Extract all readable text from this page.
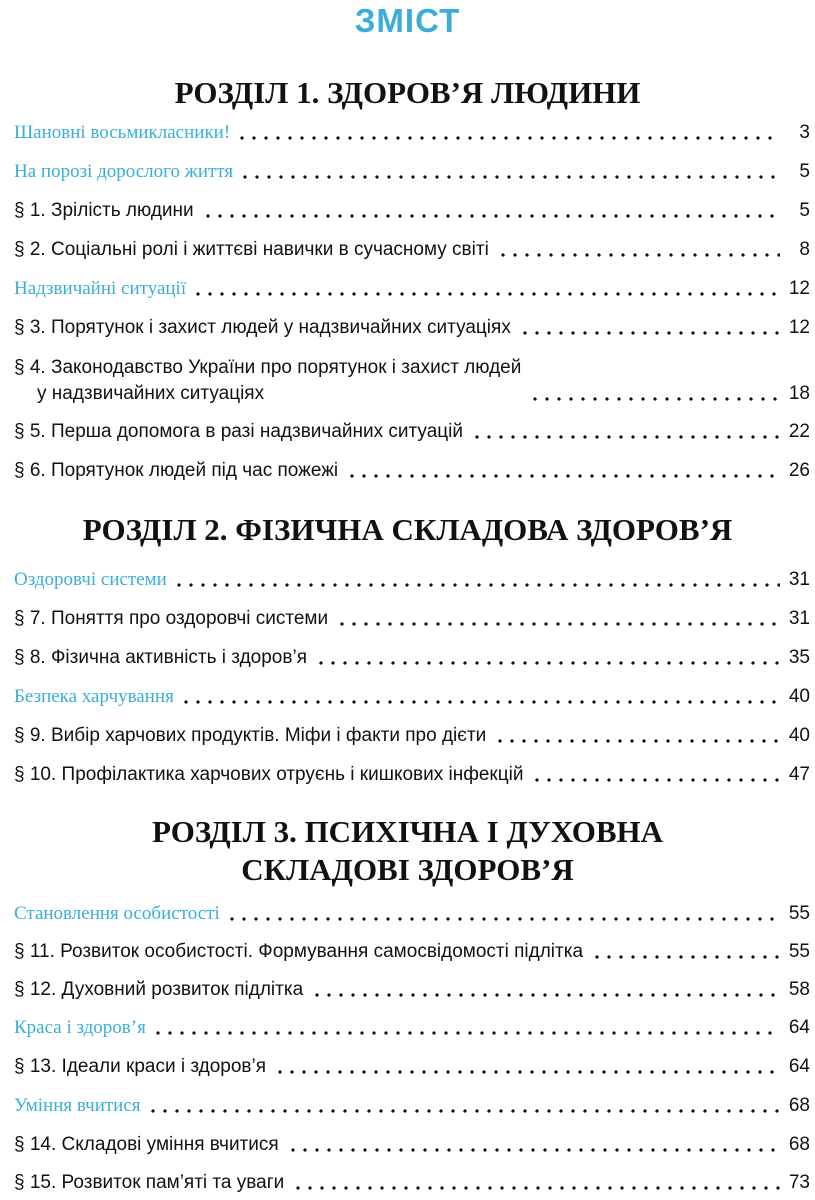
ЗМІСТ
РОЗДІЛ 1. ЗДОРОВ’Я ЛЮДИНИ
Шановні восьмикласники!	3
На порозі дорослого життя	5
§ 1. Зрілість людини	5
§ 2. Соціальні ролі і життєві навички в сучасному світі	8
Надзвичайні ситуації	12
§ 3. Порятунок і захист людей у надзвичайних ситуаціях	12
§ 4. Законодавство України про порятунок і захист людей
у надзвичайних ситуаціях	18
§ 5. Перша допомога в разі надзвичайних ситуацій	22
§ 6. Порятунок людей під час пожежі	26
РОЗДІЛ 2. ФІЗИЧНА СКЛАДОВА ЗДОРОВ’Я
Оздоровчі системи	31
§ 7. Поняття про оздоровчі системи	31
§ 8. Фізична активність і здоров’я	35
Безпека харчування	40
§ 9. Вибір харчових продуктів. Міфи і факти про дієти	40
§ 10. Профілактика харчових отруєнь і кишкових інфекцій	47
РОЗДІЛ 3. ПСИХІЧНА І ДУХОВНА
СКЛАДОВІ ЗДОРОВ’Я
Становлення особистості	55
§ 11. Розвиток особистості. Формування самосвідомості підлітка	55
§ 12. Духовний розвиток підлітка	58
Краса і здоров’я	64
§ 13. Ідеали краси і здоров’я	64
Уміння вчитися	68
§ 14. Складові уміння вчитися	68
§ 15. Розвиток пам’яті та уваги	73
